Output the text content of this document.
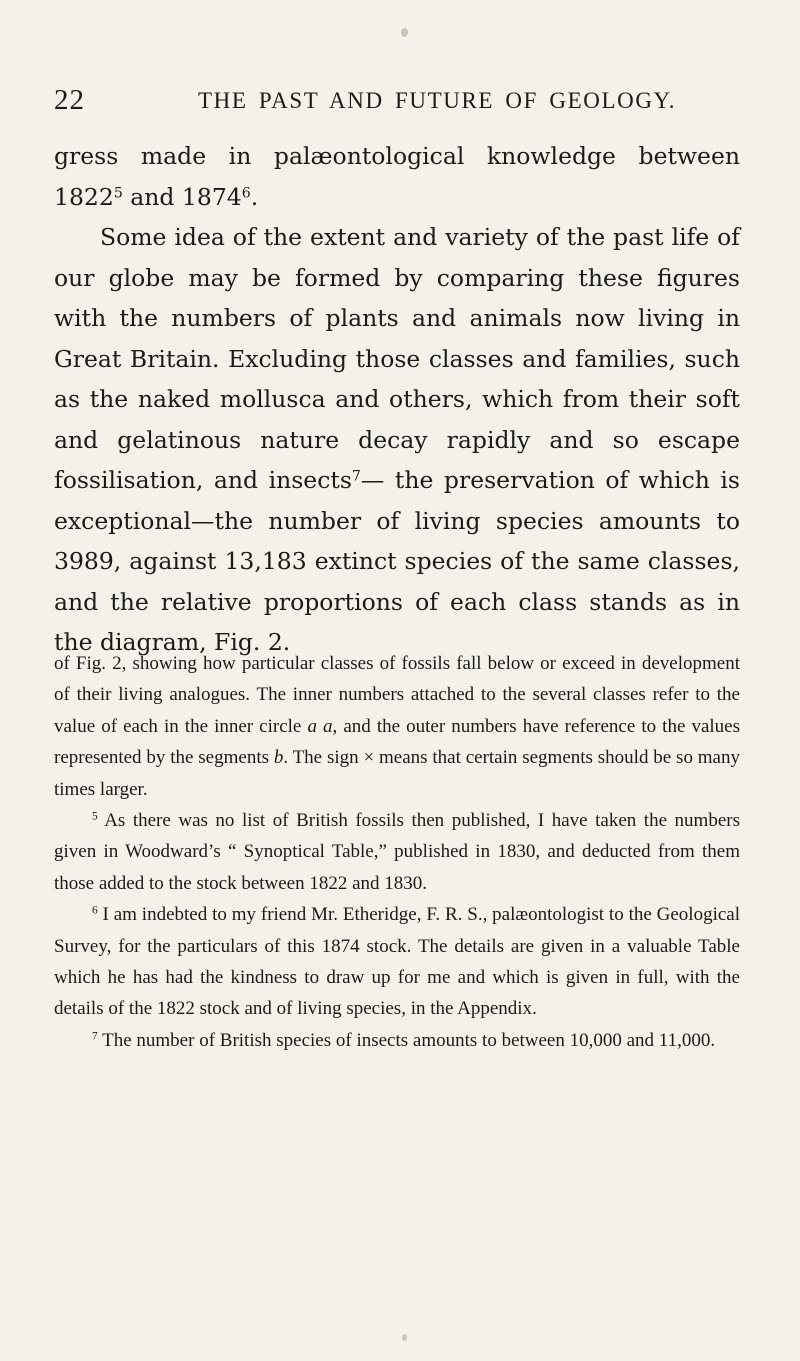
22	THE PAST AND FUTURE OF GEOLOGY.

gress made in palæontological knowledge between 1822$^5$ and 1874$^6$.

Some idea of the extent and variety of the past life of our globe may be formed by comparing these figures with the numbers of plants and animals now living in Great Britain. Excluding those classes and families, such as the naked mollusca and others, which from their soft and gelatinous nature decay rapidly and so escape fossilisation, and insects$^7$— the preservation of which is exceptional—the number of living species amounts to 3989, against 13,183 extinct species of the same classes, and the relative proportions of each class stands as in the diagram, Fig. 2.

of Fig. 2, showing how particular classes of fossils fall below or exceed in development of their living analogues. The inner numbers attached to the several classes refer to the value of each in the inner circle a a, and the outer numbers have reference to the values represented by the segments b. The sign × means that certain segments should be so many times larger.

$^5$ As there was no list of British fossils then published, I have taken the numbers given in Woodward’s “ Synoptical Table,” published in 1830, and deducted from them those added to the stock between 1822 and 1830.

$^6$ I am indebted to my friend Mr. Etheridge, F. R. S., palæontologist to the Geological Survey, for the particulars of this 1874 stock. The details are given in a valuable Table which he has had the kindness to draw up for me and which is given in full, with the details of the 1822 stock and of living species, in the Appendix.

$^7$ The number of British species of insects amounts to between 10,000 and 11,000.
